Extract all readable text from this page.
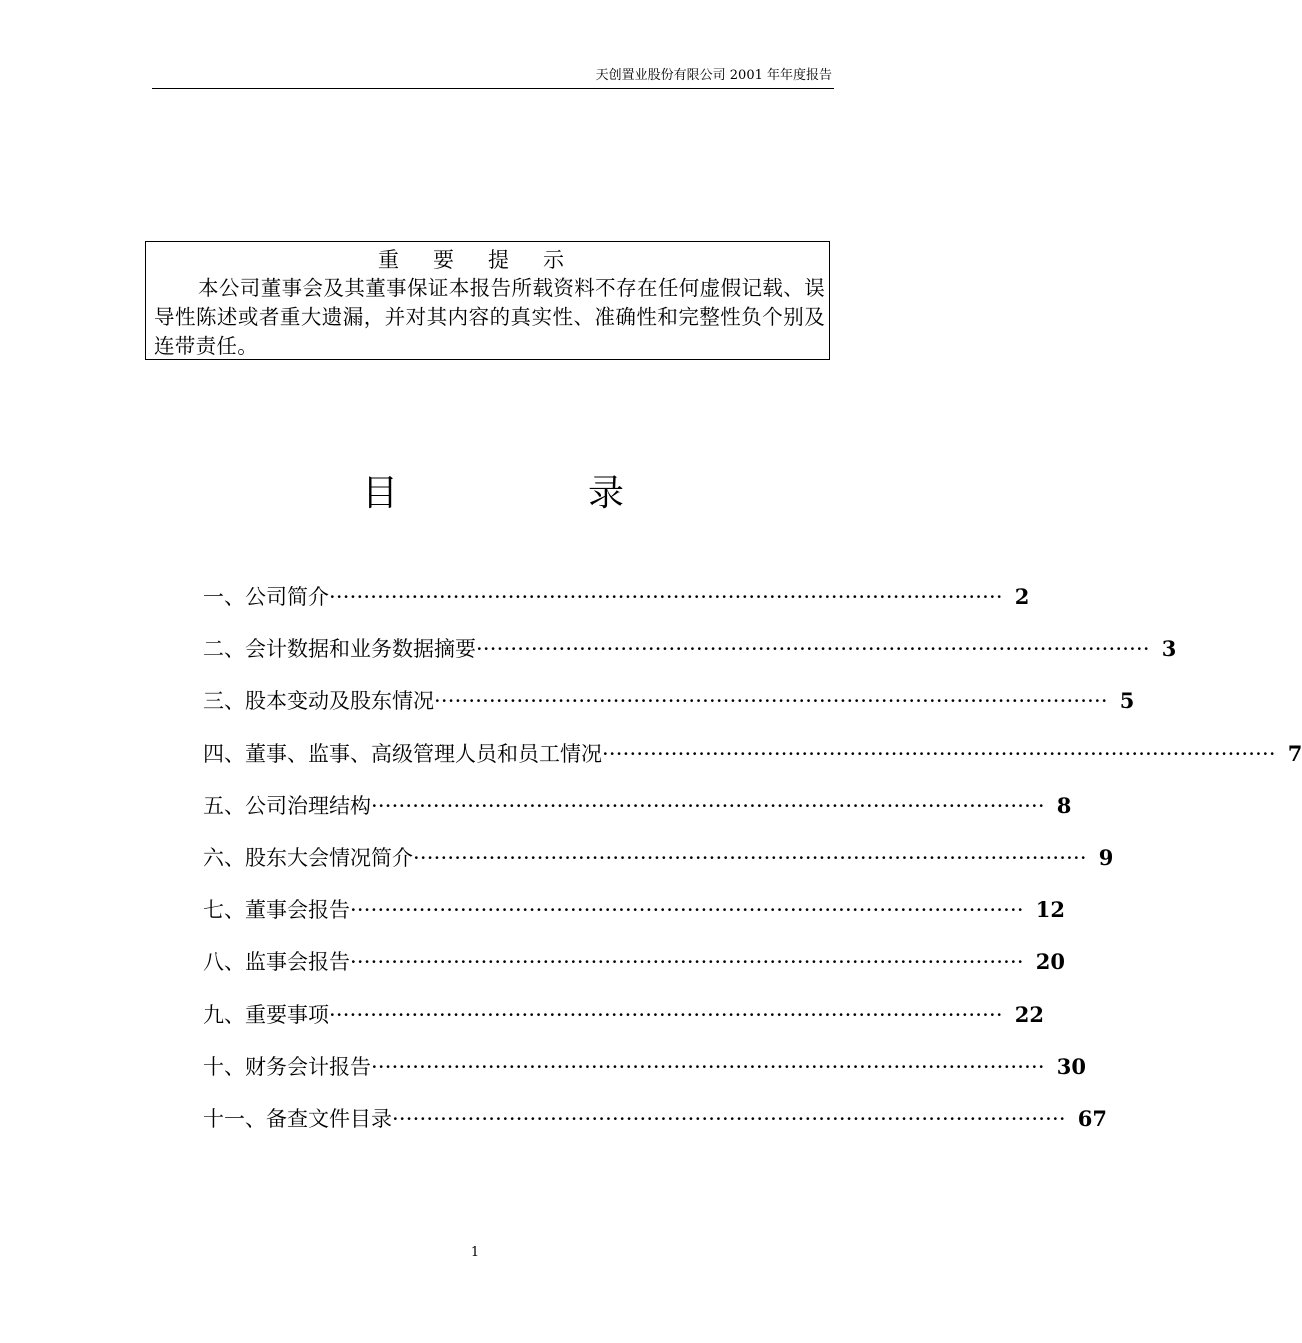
天创置业股份有限公司 2001 年年度报告
重要提示
本公司董事会及其董事保证本报告所载资料不存在任何虚假记载、误导性陈述或者重大遗漏，并对其内容的真实性、准确性和完整性负个别及连带责任。
目	录
一、公司简介 ·································································································· 2
二、会计数据和业务数据摘要 ·································································································· 3
三、股本变动及股东情况 ·································································································· 5
四、董事、监事、高级管理人员和员工情况 ·································································································· 7
五、公司治理结构 ·································································································· 8
六、股东大会情况简介 ·································································································· 9
七、董事会报告 ·································································································· 12
八、监事会报告 ·································································································· 20
九、重要事项 ·································································································· 22
十、财务会计报告 ·································································································· 30
十一、备查文件目录 ·································································································· 67
1
